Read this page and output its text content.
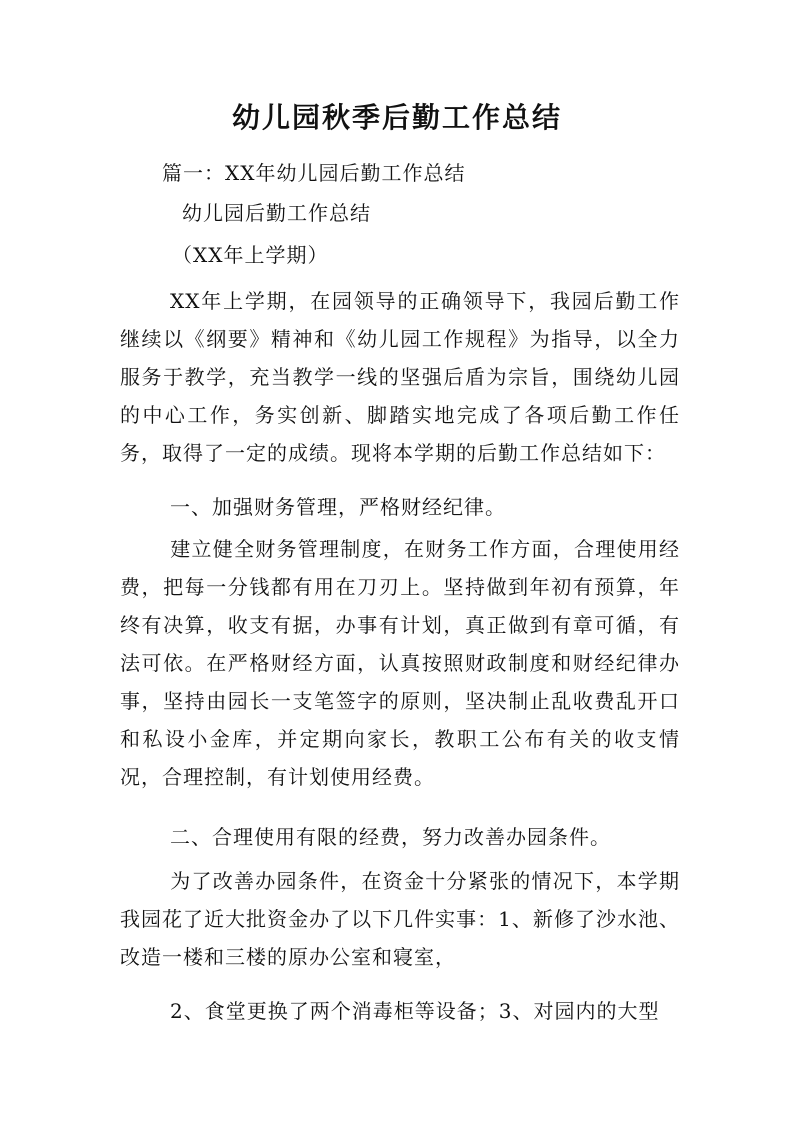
幼儿园秋季后勤工作总结
篇一：XX年幼儿园后勤工作总结
幼儿园后勤工作总结
（XX年上学期）
XX年上学期，在园领导的正确领导下，我园后勤工作继续以《纲要》精神和《幼儿园工作规程》为指导，以全力服务于教学，充当教学一线的坚强后盾为宗旨，围绕幼儿园的中心工作，务实创新、脚踏实地完成了各项后勤工作任务，取得了一定的成绩。现将本学期的后勤工作总结如下：
一、加强财务管理，严格财经纪律。
建立健全财务管理制度，在财务工作方面，合理使用经费，把每一分钱都有用在刀刃上。坚持做到年初有预算，年终有决算，收支有据，办事有计划，真正做到有章可循，有法可依。在严格财经方面，认真按照财政制度和财经纪律办事，坚持由园长一支笔签字的原则，坚决制止乱收费乱开口和私设小金库，并定期向家长，教职工公布有关的收支情况，合理控制，有计划使用经费。
二、合理使用有限的经费，努力改善办园条件。
为了改善办园条件，在资金十分紧张的情况下，本学期我园花了近大批资金办了以下几件实事：1、新修了沙水池、改造一楼和三楼的原办公室和寝室，
2、食堂更换了两个消毒柜等设备；3、对园内的大型
